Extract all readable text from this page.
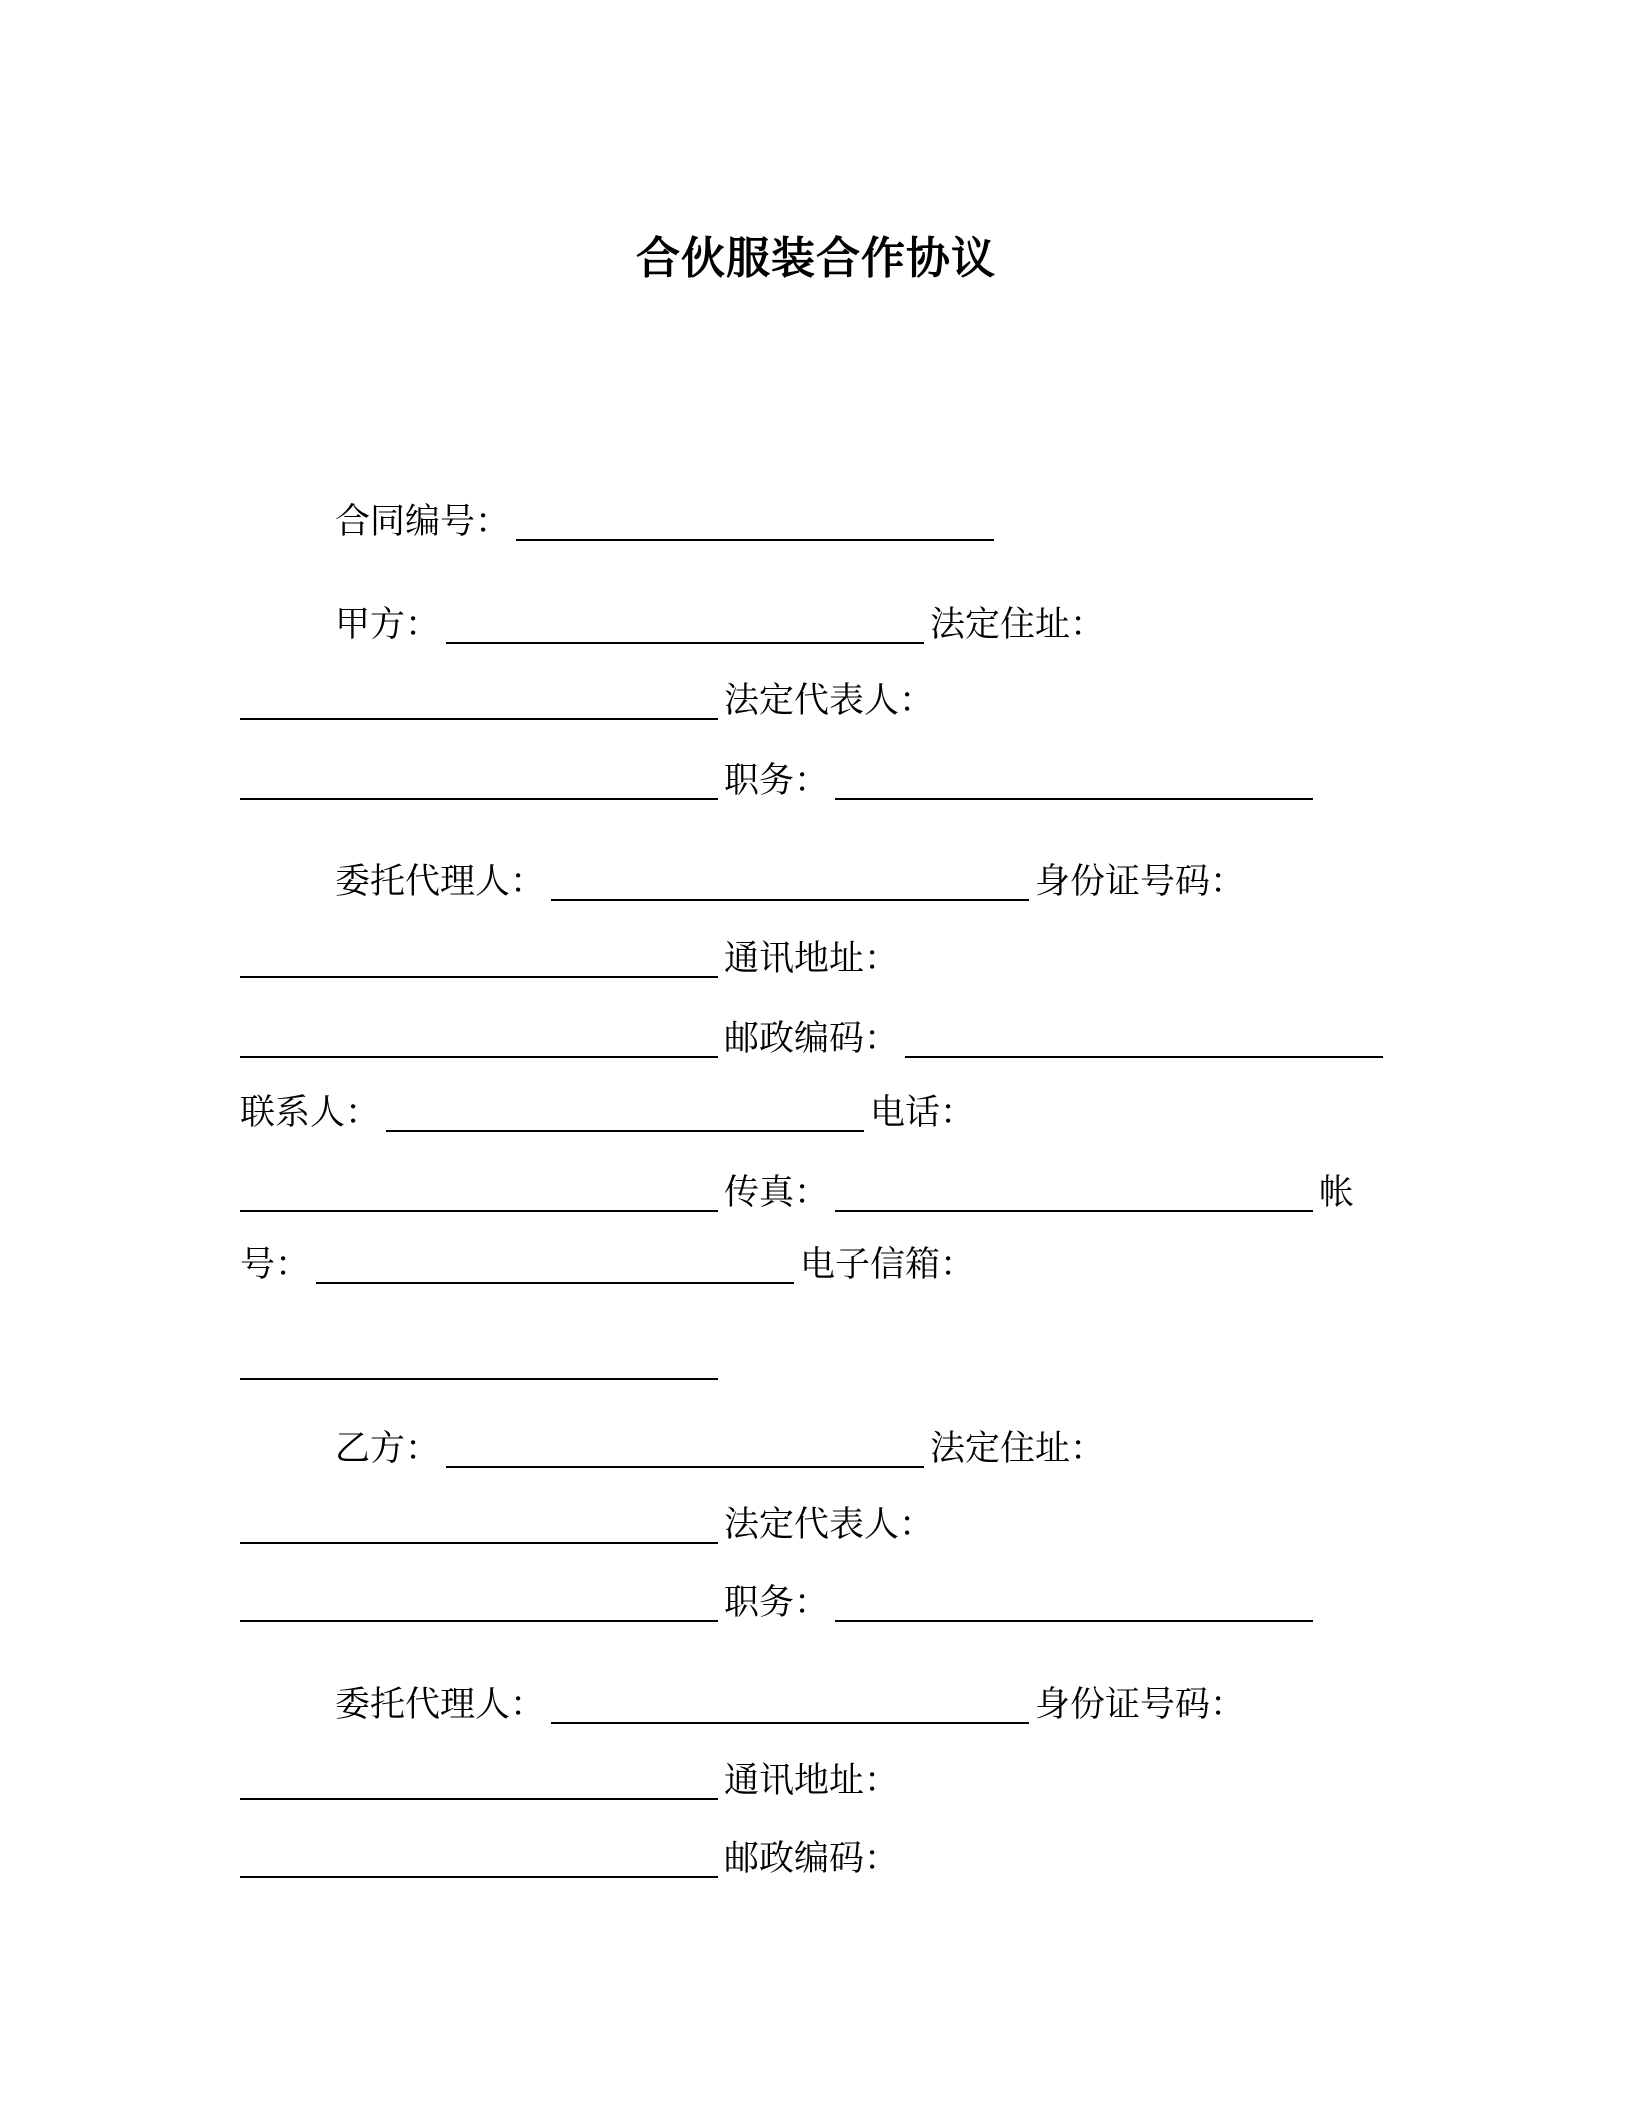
合伙服装合作协议
合同编号：
甲方：	法定住址：
法定代表人：
职务：
委托代理人：	身份证号码：
通讯地址：
邮政编码：
联系人：	电话：
传真：	帐
号：	电子信箱：
乙方：	法定住址：
法定代表人：
职务：
委托代理人：	身份证号码：
通讯地址：
邮政编码：
